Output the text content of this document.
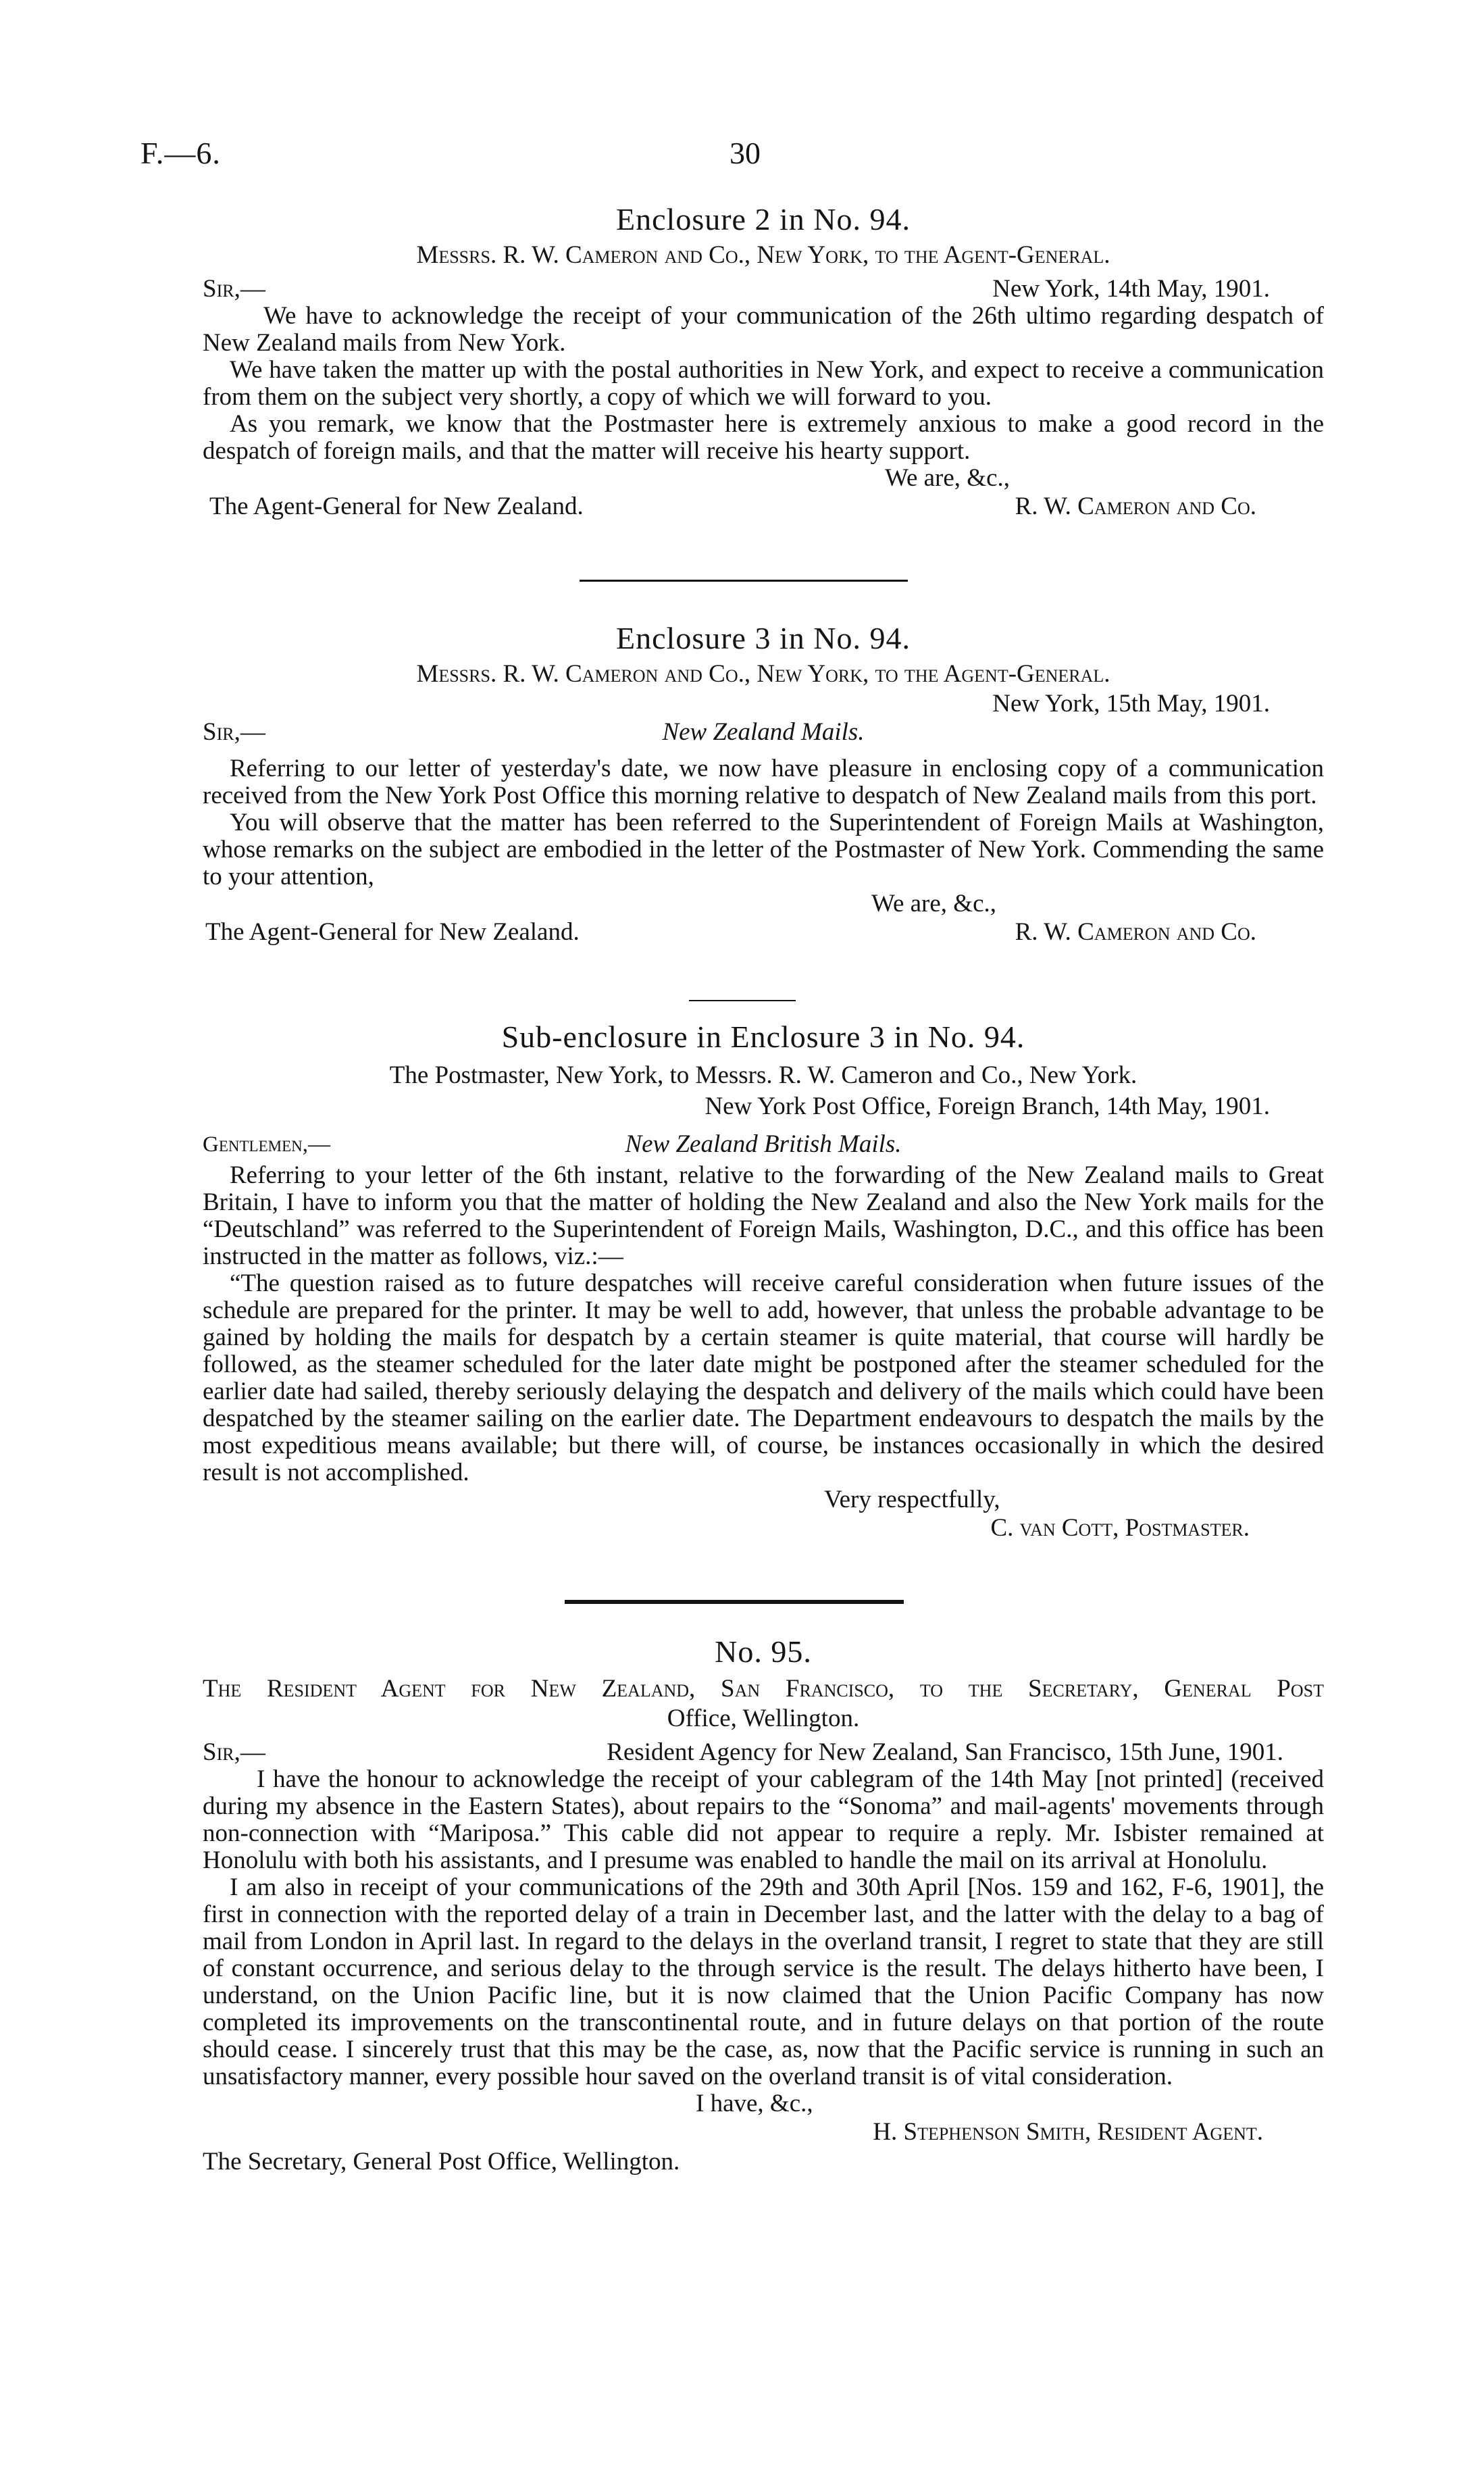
F.—6.	30
Enclosure 2 in No. 94.
Messrs. R. W. Cameron and Co., New York, to the Agent-General.
Sir,—	New York, 14th May, 1901.

We have to acknowledge the receipt of your communication of the 26th ultimo regarding despatch of New Zealand mails from New York.

We have taken the matter up with the postal authorities in New York, and expect to receive a communication from them on the subject very shortly, a copy of which we will forward to you.

As you remark, we know that the Postmaster here is extremely anxious to make a good record in the despatch of foreign mails, and that the matter will receive his hearty support.

We are, &c.,
The Agent-General for New Zealand.	R. W. Cameron and Co.
Enclosure 3 in No. 94.
Messrs. R. W. Cameron and Co., New York, to the Agent-General.
New York, 15th May, 1901.
Sir,—	New Zealand Mails.

Referring to our letter of yesterday's date, we now have pleasure in enclosing copy of a communication received from the New York Post Office this morning relative to despatch of New Zealand mails from this port.

You will observe that the matter has been referred to the Superintendent of Foreign Mails at Washington, whose remarks on the subject are embodied in the letter of the Postmaster of New York. Commending the same to your attention,

We are, &c.,
The Agent-General for New Zealand.	R. W. Cameron and Co.
Sub-enclosure in Enclosure 3 in No. 94.
The Postmaster, New York, to Messrs. R. W. Cameron and Co., New York.
New York Post Office, Foreign Branch, 14th May, 1901.
Gentlemen,—	New Zealand British Mails.

Referring to your letter of the 6th instant, relative to the forwarding of the New Zealand mails to Great Britain, I have to inform you that the matter of holding the New Zealand and also the New York mails for the “Deutschland” was referred to the Superintendent of Foreign Mails, Washington, D.C., and this office has been instructed in the matter as follows, viz.:—

“The question raised as to future despatches will receive careful consideration when future issues of the schedule are prepared for the printer. It may be well to add, however, that unless the probable advantage to be gained by holding the mails for despatch by a certain steamer is quite material, that course will hardly be followed, as the steamer scheduled for the later date might be postponed after the steamer scheduled for the earlier date had sailed, thereby seriously delaying the despatch and delivery of the mails which could have been despatched by the steamer sailing on the earlier date. The Department endeavours to despatch the mails by the most expeditious means available; but there will, of course, be instances occasionally in which the desired result is not accomplished.

Very respectfully,
C. van Cott, Postmaster.
No. 95.
The Resident Agent for New Zealand, San Francisco, to the Secretary, General Post
Office, Wellington.
Sir,—	Resident Agency for New Zealand, San Francisco, 15th June, 1901.

I have the honour to acknowledge the receipt of your cablegram of the 14th May [not printed] (received during my absence in the Eastern States), about repairs to the “Sonoma” and mail-agents' movements through non-connection with “Mariposa.” This cable did not appear to require a reply. Mr. Isbister remained at Honolulu with both his assistants, and I presume was enabled to handle the mail on its arrival at Honolulu.

I am also in receipt of your communications of the 29th and 30th April [Nos. 159 and 162, F-6, 1901], the first in connection with the reported delay of a train in December last, and the latter with the delay to a bag of mail from London in April last. In regard to the delays in the overland transit, I regret to state that they are still of constant occurrence, and serious delay to the through service is the result. The delays hitherto have been, I understand, on the Union Pacific line, but it is now claimed that the Union Pacific Company has now completed its improvements on the transcontinental route, and in future delays on that portion of the route should cease. I sincerely trust that this may be the case, as, now that the Pacific service is running in such an unsatisfactory manner, every possible hour saved on the overland transit is of vital consideration.

I have, &c.,
H. Stephenson Smith, Resident Agent.
The Secretary, General Post Office, Wellington.
